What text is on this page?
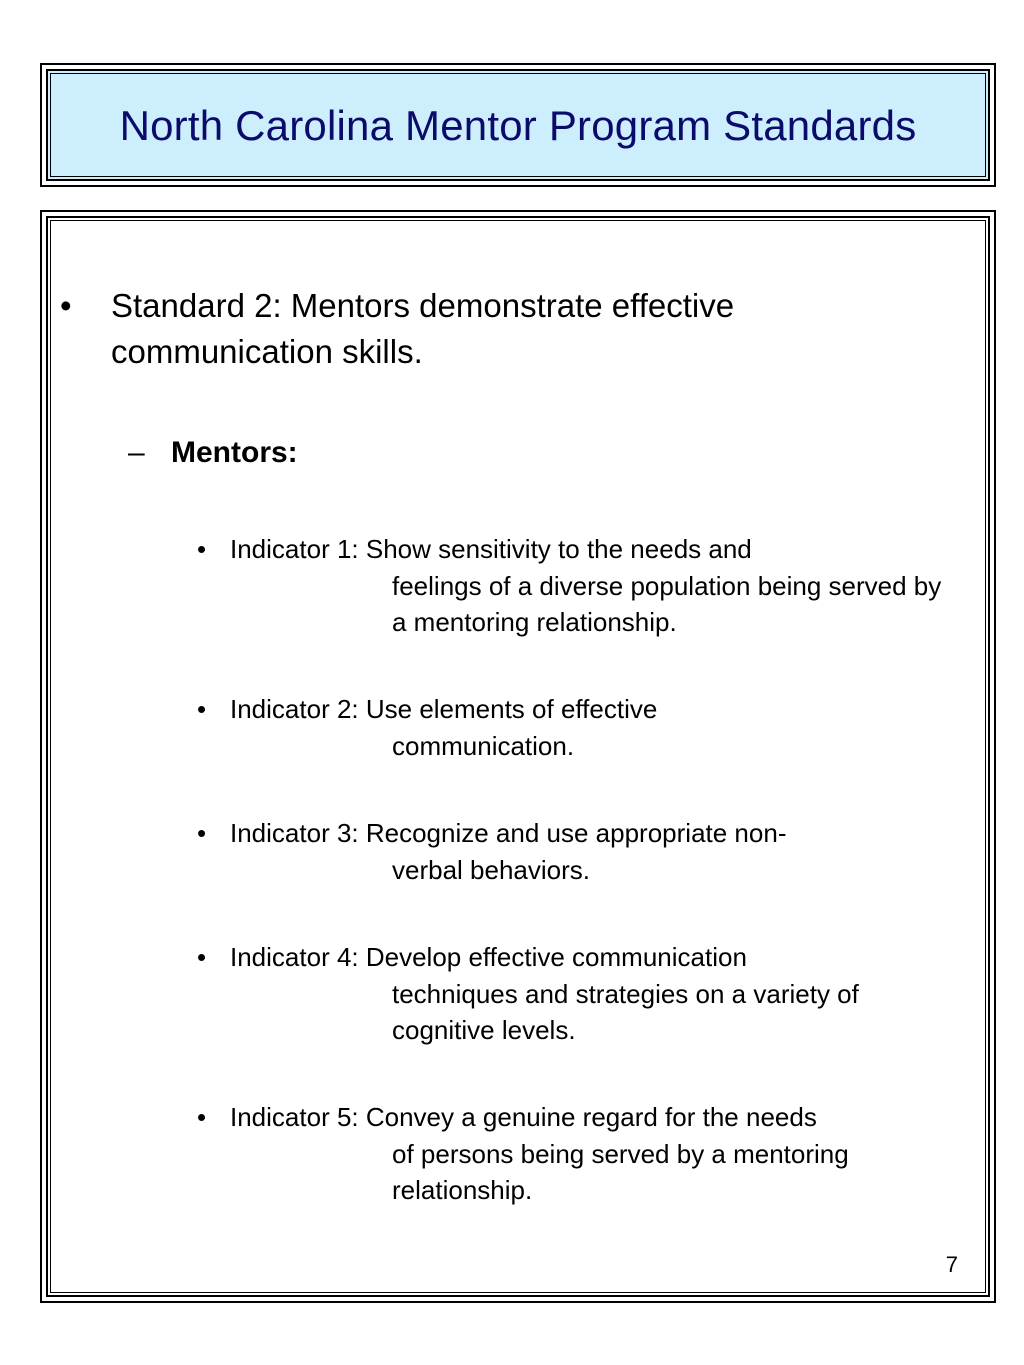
North Carolina Mentor Program Standards
• Standard 2: Mentors demonstrate effective communication skills.
– Mentors:
• Indicator 1: Show sensitivity to the needs and
feelings of a diverse population being served by a mentoring relationship.
• Indicator 2: Use elements of effective
communication.
• Indicator 3: Recognize and use appropriate non-
verbal behaviors.
• Indicator 4: Develop effective communication
techniques and strategies on a variety of cognitive levels.
• Indicator 5: Convey a genuine regard for the needs
of persons being served by a mentoring relationship.
7
